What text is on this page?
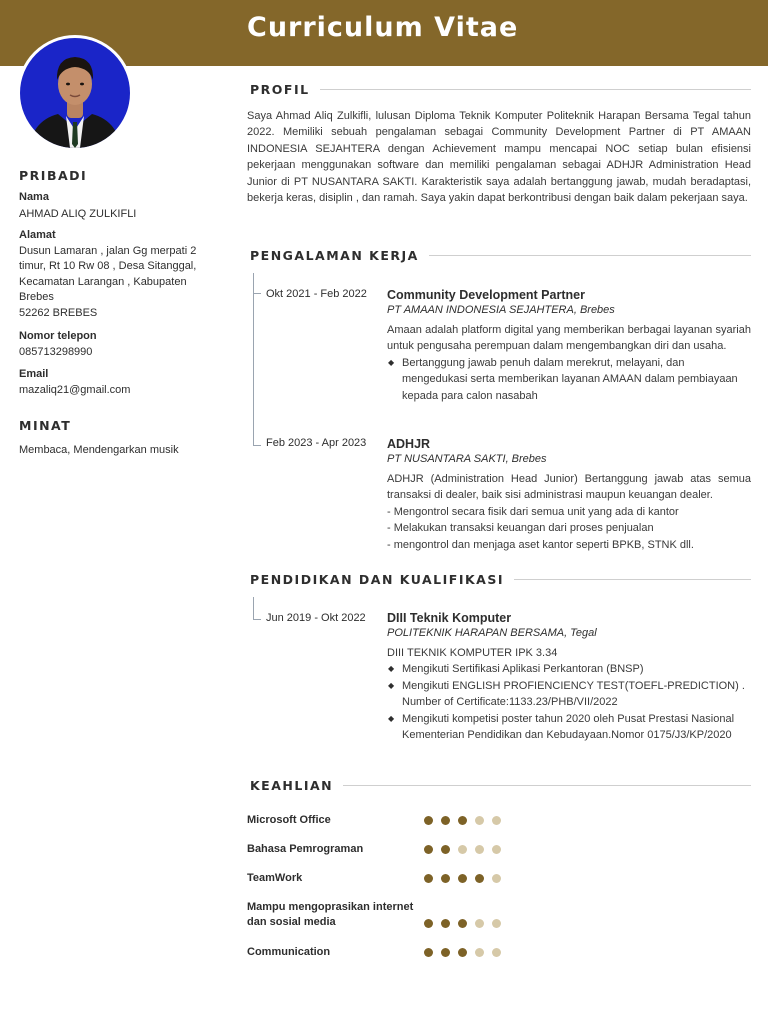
Curriculum Vitae
PRIBADI
Nama
AHMAD ALIQ ZULKIFLI
Alamat
Dusun Lamaran , jalan Gg merpati 2 timur, Rt 10 Rw 08 , Desa Sitanggal, Kecamatan Larangan , Kabupaten Brebes
52262 BREBES
Nomor telepon
085713298990
Email
mazaliq21@gmail.com
MINAT
Membaca, Mendengarkan musik
PROFIL
Saya Ahmad Aliq Zulkifli, lulusan Diploma Teknik Komputer Politeknik Harapan Bersama Tegal tahun 2022. Memiliki sebuah pengalaman sebagai Community Development Partner di PT AMAAN INDONESIA SEJAHTERA dengan Achievement mampu mencapai NOC setiap bulan efisiensi pekerjaan menggunakan software dan memiliki pengalaman sebagai ADHJR Administration Head Junior di PT NUSANTARA SAKTI. Karakteristik saya adalah bertanggung jawab, mudah beradaptasi, bekerja keras, disiplin , dan ramah. Saya yakin dapat berkontribusi dengan baik dalam pekerjaan saya.
PENGALAMAN KERJA
Okt 2021 - Feb 2022 Community Development Partner
PT AMAAN INDONESIA SEJAHTERA, Brebes
Amaan adalah platform digital yang memberikan berbagai layanan syariah untuk pengusaha perempuan dalam mengembangkan diri dan usaha.
◆ Bertanggung jawab penuh dalam merekrut, melayani, dan mengedukasi serta memberikan layanan AMAAN dalam pembiayaan kepada para calon nasabah
Feb 2023 - Apr 2023 ADHJR
PT NUSANTARA SAKTI, Brebes
ADHJR (Administration Head Junior) Bertanggung jawab atas semua transaksi di dealer, baik sisi administrasi maupun keuangan dealer.
- Mengontrol secara fisik dari semua unit yang ada di kantor
- Melakukan transaksi keuangan dari proses penjualan
- mengontrol dan menjaga aset kantor seperti BPKB, STNK dll.
PENDIDIKAN DAN KUALIFIKASI
Jun 2019 - Okt 2022 DIII Teknik Komputer
POLITEKNIK HARAPAN BERSAMA, Tegal
DIII TEKNIK KOMPUTER IPK 3.34
◆ Mengikuti Sertifikasi Aplikasi Perkantoran (BNSP)
◆ Mengikuti ENGLISH PROFIENCIENCY TEST(TOEFL-PREDICTION) . Number of Certificate:1133.23/PHB/VII/2022
◆ Mengikuti kompetisi poster tahun 2020 oleh Pusat Prestasi Nasional Kementerian Pendidikan dan Kebudayaan.Nomor 0175/J3/KP/2020
KEAHLIAN
Microsoft Office
Bahasa Pemrograman
TeamWork
Mampu mengoprasikan internet dan sosial media
Communication
